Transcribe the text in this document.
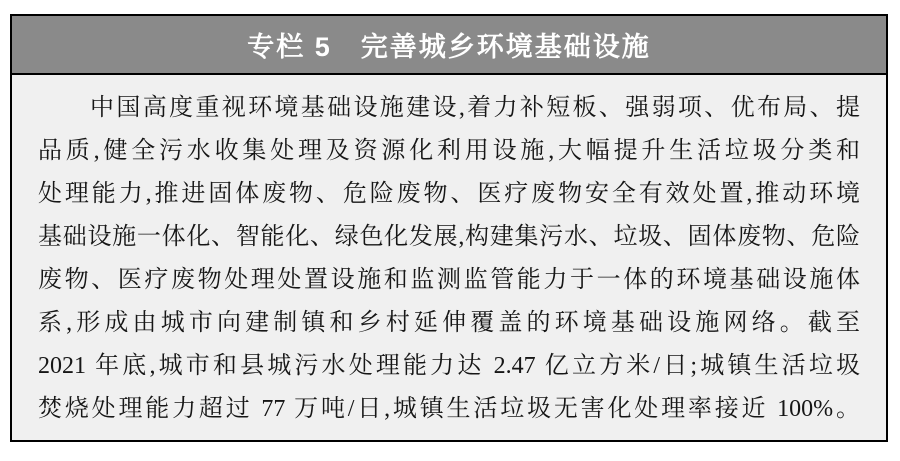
专栏 5　完善城乡环境基础设施
中国高度重视环境基础设施建设,着力补短板、强弱项、优布局、提
品质,健全污水收集处理及资源化利用设施,大幅提升生活垃圾分类和
处理能力,推进固体废物、危险废物、医疗废物安全有效处置,推动环境
基础设施一体化、智能化、绿色化发展,构建集污水、垃圾、固体废物、危险
废物、医疗废物处理处置设施和监测监管能力于一体的环境基础设施体
系,形成由城市向建制镇和乡村延伸覆盖的环境基础设施网络。截至
2021 年底,城市和县城污水处理能力达 2.47 亿立方米/日;城镇生活垃圾
焚烧处理能力超过 77 万吨/日,城镇生活垃圾无害化处理率接近 100%。
